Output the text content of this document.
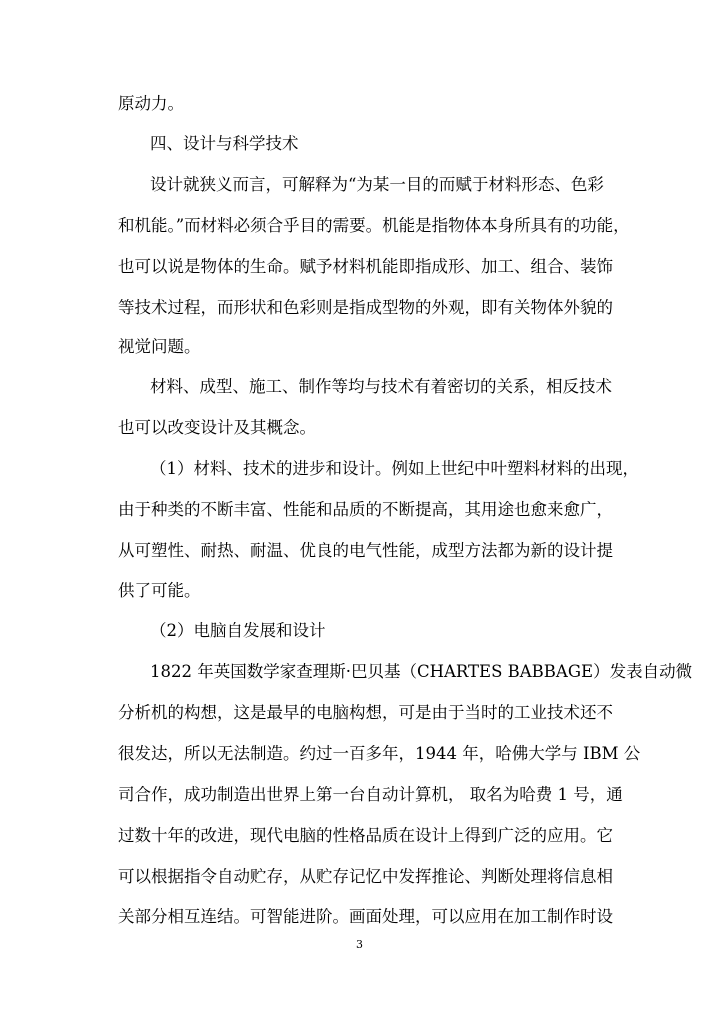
原动力。
四、设计与科学技术
设计就狭义而言，可解释为“为某一目的而赋于材料形态、色彩
和机能。”而材料必须合乎目的需要。机能是指物体本身所具有的功能，
也可以说是物体的生命。赋予材料机能即指成形、加工、组合、装饰
等技术过程，而形状和色彩则是指成型物的外观，即有关物体外貌的
视觉问题。
材料、成型、施工、制作等均与技术有着密切的关系，相反技术
也可以改变设计及其概念。
（1）材料、技术的进步和设计。例如上世纪中叶塑料材料的出现，
由于种类的不断丰富、性能和品质的不断提高，其用途也愈来愈广，
从可塑性、耐热、耐温、优良的电气性能，成型方法都为新的设计提
供了可能。
（2）电脑自发展和设计
1822 年英国数学家查理斯·巴贝基（CHARTES BABBAGE）发表自动微
分析机的构想，这是最早的电脑构想，可是由于当时的工业技术还不
很发达，所以无法制造。约过一百多年，1944 年，哈佛大学与 IBM 公
司合作，成功制造出世界上第一台自动计算机， 取名为哈费 1 号，通
过数十年的改进，现代电脑的性格品质在设计上得到广泛的应用。它
可以根据指令自动贮存，从贮存记忆中发挥推论、判断处理将信息相
关部分相互连结。可智能进阶。画面处理，可以应用在加工制作时设
3
